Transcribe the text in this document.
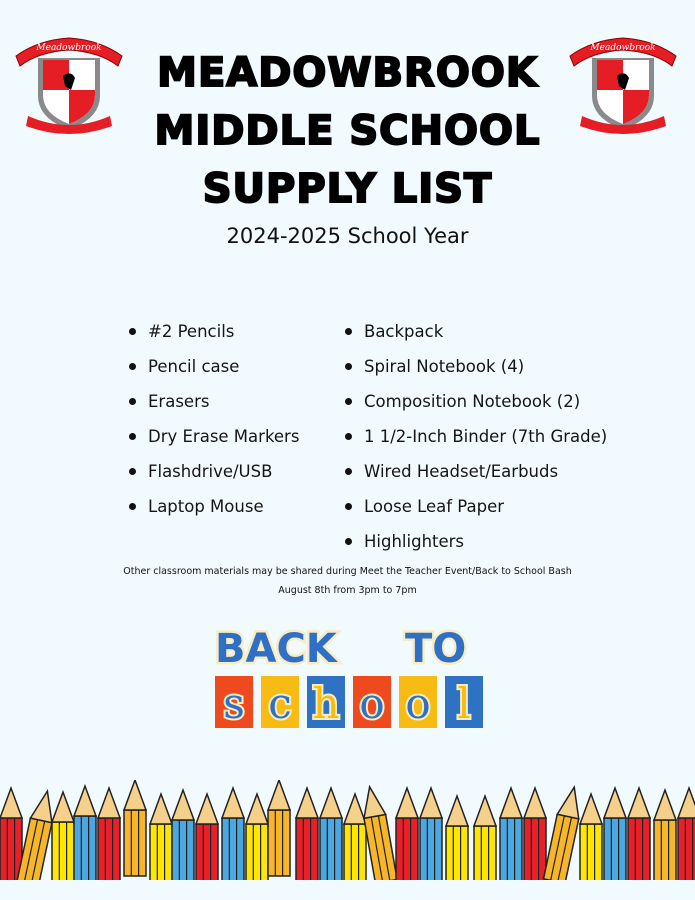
Meadowbrook	Meadowbrook
MEADOWBROOK
MIDDLE SCHOOL
SUPPLY LIST
2024-2025 School Year
#2 Pencils
Pencil case
Erasers
Dry Erase Markers
Flashdrive/USB
Laptop Mouse
Backpack
Spiral Notebook (4)
Composition Notebook (2)
1 1/2-Inch Binder (7th Grade)
Wired Headset/Earbuds
Loose Leaf Paper
Highlighters
Other classroom materials may be shared during Meet the Teacher Event/Back to School Bash
August 8th from 3pm to 7pm
BACK TO
s c h o o l
